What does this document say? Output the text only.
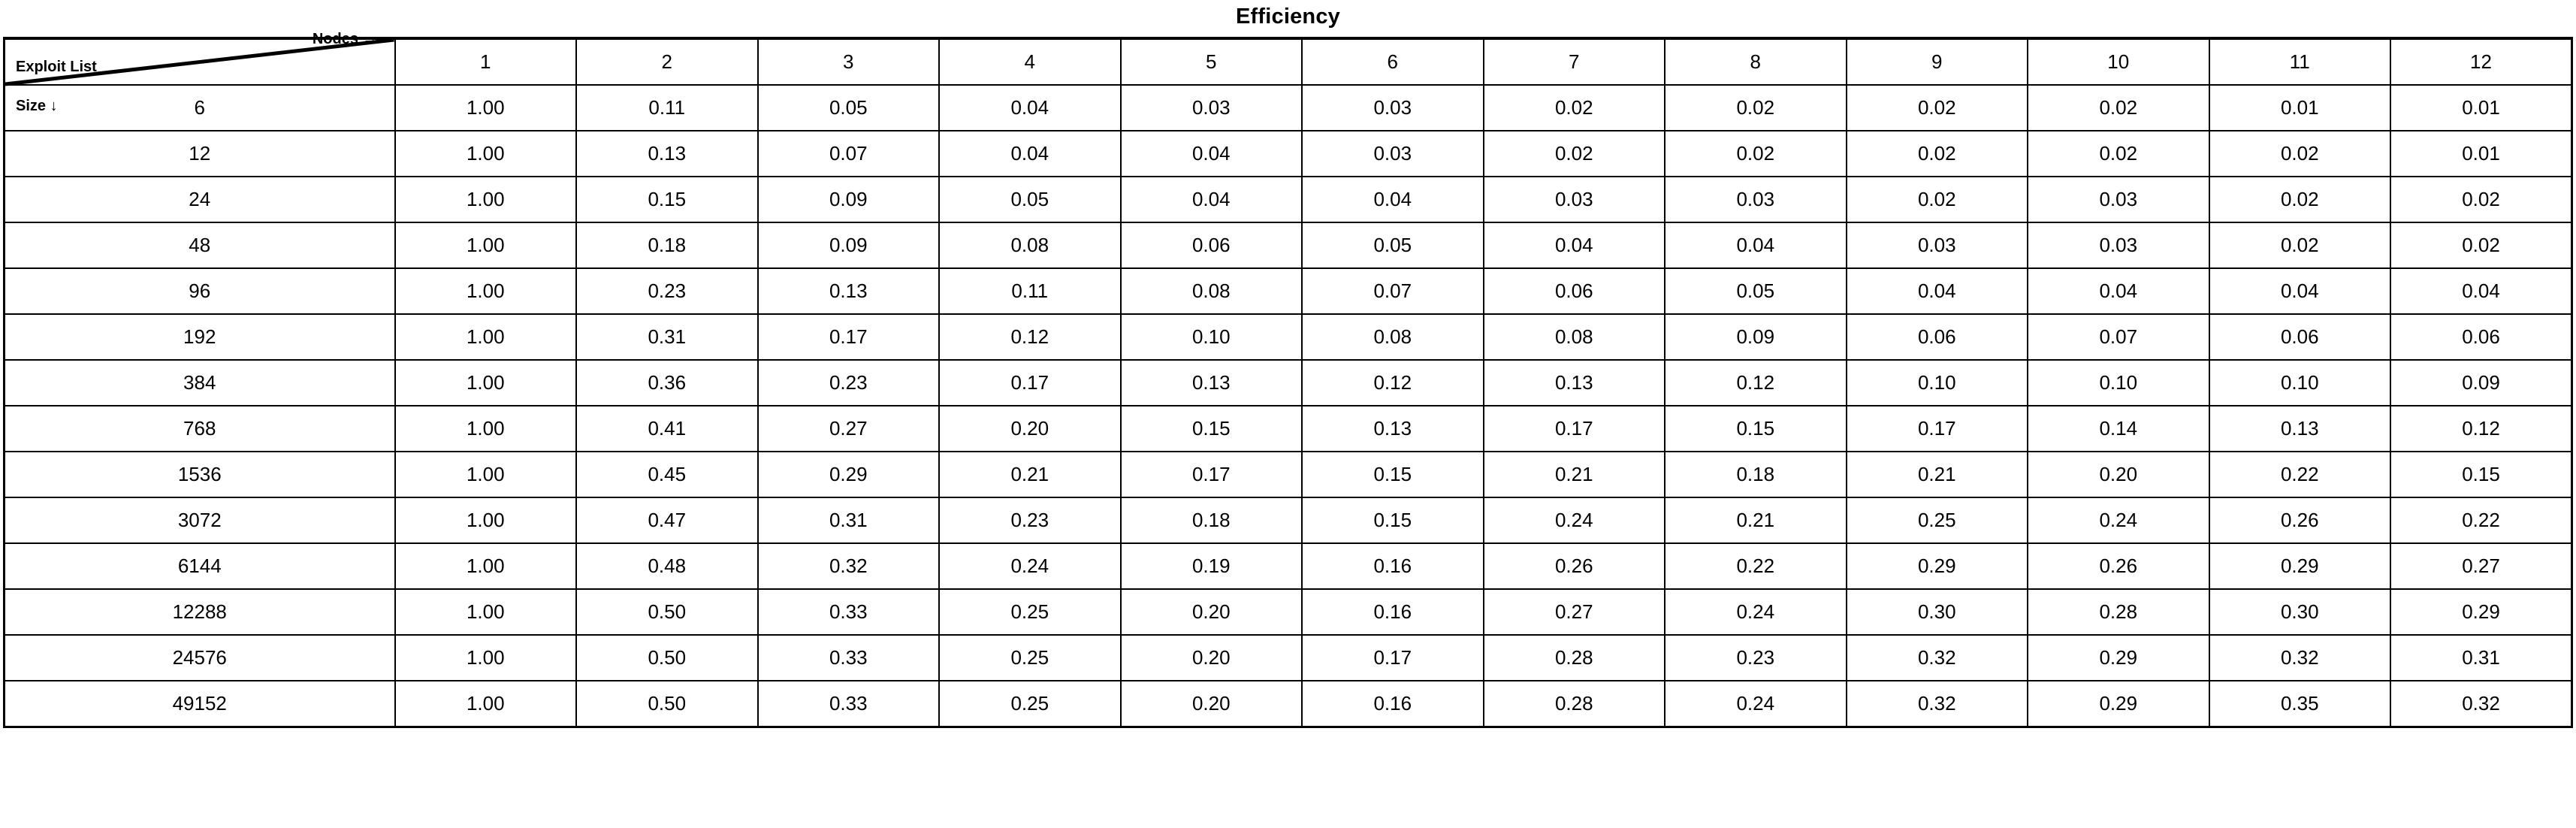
Efficiency
Exploit List
Size ↓
Nodes →	1	2	3	4	5	6	7	8	9	10	11	12
6	1.00	0.11	0.05	0.04	0.03	0.03	0.02	0.02	0.02	0.02	0.01	0.01
12	1.00	0.13	0.07	0.04	0.04	0.03	0.02	0.02	0.02	0.02	0.02	0.01
24	1.00	0.15	0.09	0.05	0.04	0.04	0.03	0.03	0.02	0.03	0.02	0.02
48	1.00	0.18	0.09	0.08	0.06	0.05	0.04	0.04	0.03	0.03	0.02	0.02
96	1.00	0.23	0.13	0.11	0.08	0.07	0.06	0.05	0.04	0.04	0.04	0.04
192	1.00	0.31	0.17	0.12	0.10	0.08	0.08	0.09	0.06	0.07	0.06	0.06
384	1.00	0.36	0.23	0.17	0.13	0.12	0.13	0.12	0.10	0.10	0.10	0.09
768	1.00	0.41	0.27	0.20	0.15	0.13	0.17	0.15	0.17	0.14	0.13	0.12
1536	1.00	0.45	0.29	0.21	0.17	0.15	0.21	0.18	0.21	0.20	0.22	0.15
3072	1.00	0.47	0.31	0.23	0.18	0.15	0.24	0.21	0.25	0.24	0.26	0.22
6144	1.00	0.48	0.32	0.24	0.19	0.16	0.26	0.22	0.29	0.26	0.29	0.27
12288	1.00	0.50	0.33	0.25	0.20	0.16	0.27	0.24	0.30	0.28	0.30	0.29
24576	1.00	0.50	0.33	0.25	0.20	0.17	0.28	0.23	0.32	0.29	0.32	0.31
49152	1.00	0.50	0.33	0.25	0.20	0.16	0.28	0.24	0.32	0.29	0.35	0.32
